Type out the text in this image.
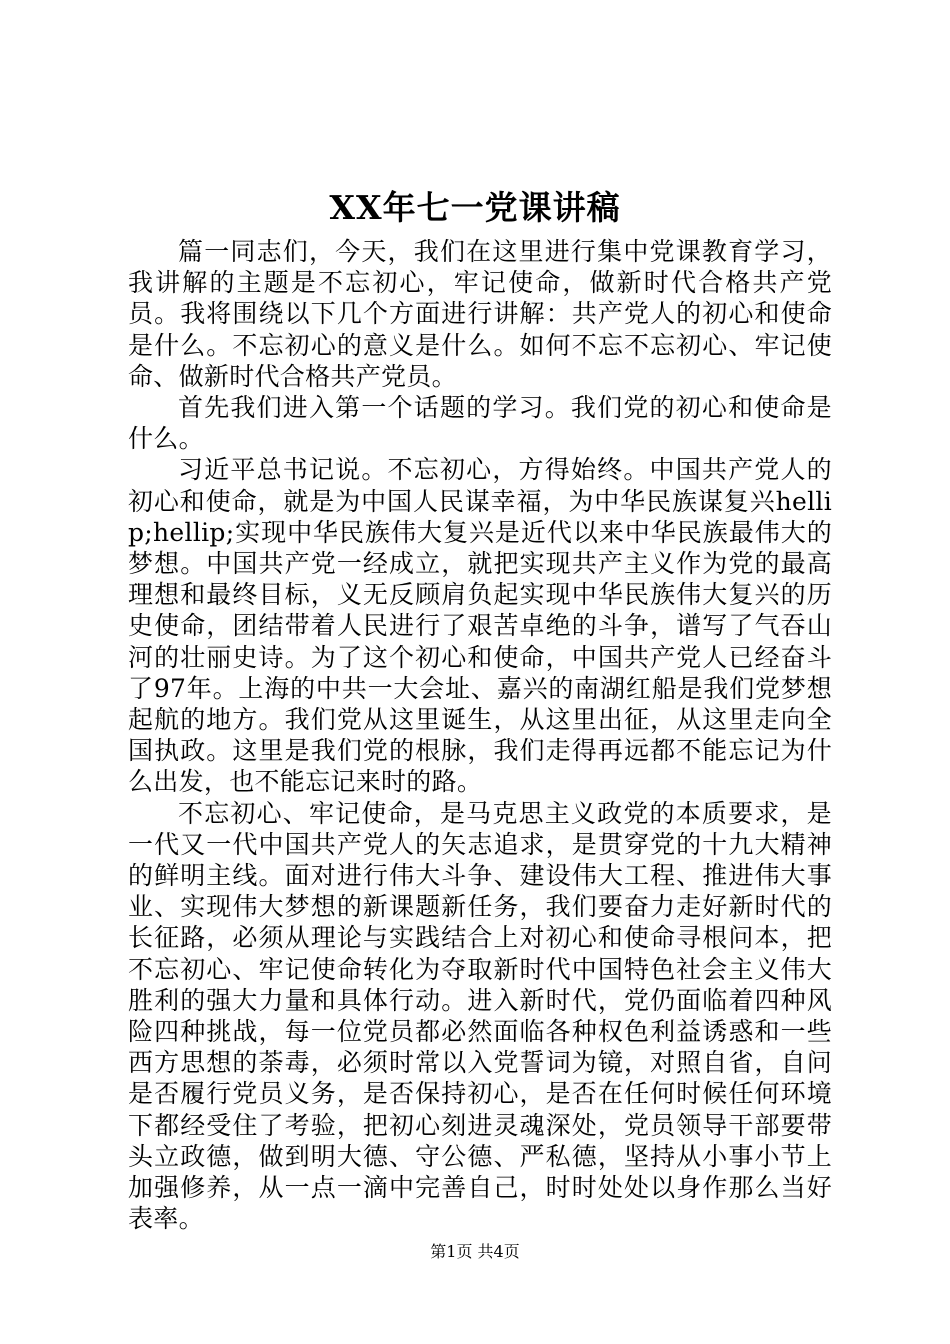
XX年七一党课讲稿

篇一同志们，今天，我们在这里进行集中党课教育学习，我讲解的主题是不忘初心，牢记使命，做新时代合格共产党员。我将围绕以下几个方面进行讲解：共产党人的初心和使命是什么。不忘初心的意义是什么。如何不忘不忘初心、牢记使命、做新时代合格共产党员。

首先我们进入第一个话题的学习。我们党的初心和使命是什么。

习近平总书记说。不忘初心，方得始终。中国共产党人的初心和使命，就是为中国人民谋幸福，为中华民族谋复兴hellip;hellip;实现中华民族伟大复兴是近代以来中华民族最伟大的梦想。中国共产党一经成立，就把实现共产主义作为党的最高理想和最终目标，义无反顾肩负起实现中华民族伟大复兴的历史使命，团结带着人民进行了艰苦卓绝的斗争，谱写了气吞山河的壮丽史诗。为了这个初心和使命，中国共产党人已经奋斗了97年。上海的中共一大会址、嘉兴的南湖红船是我们党梦想起航的地方。我们党从这里诞生，从这里出征，从这里走向全国执政。这里是我们党的根脉，我们走得再远都不能忘记为什么出发，也不能忘记来时的路。

不忘初心、牢记使命，是马克思主义政党的本质要求，是一代又一代中国共产党人的矢志追求，是贯穿党的十九大精神的鲜明主线。面对进行伟大斗争、建设伟大工程、推进伟大事业、实现伟大梦想的新课题新任务，我们要奋力走好新时代的长征路，必须从理论与实践结合上对初心和使命寻根问本，把不忘初心、牢记使命转化为夺取新时代中国特色社会主义伟大胜利的强大力量和具体行动。进入新时代，党仍面临着四种风险四种挑战，每一位党员都必然面临各种权色利益诱惑和一些西方思想的荼毒，必须时常以入党誓词为镜，对照自省，自问是否履行党员义务，是否保持初心，是否在任何时候任何环境下都经受住了考验，把初心刻进灵魂深处，党员领导干部要带头立政德，做到明大德、守公德、严私德，坚持从小事小节上加强修养，从一点一滴中完善自己，时时处处以身作那么当好表率。

第1页 共4页
